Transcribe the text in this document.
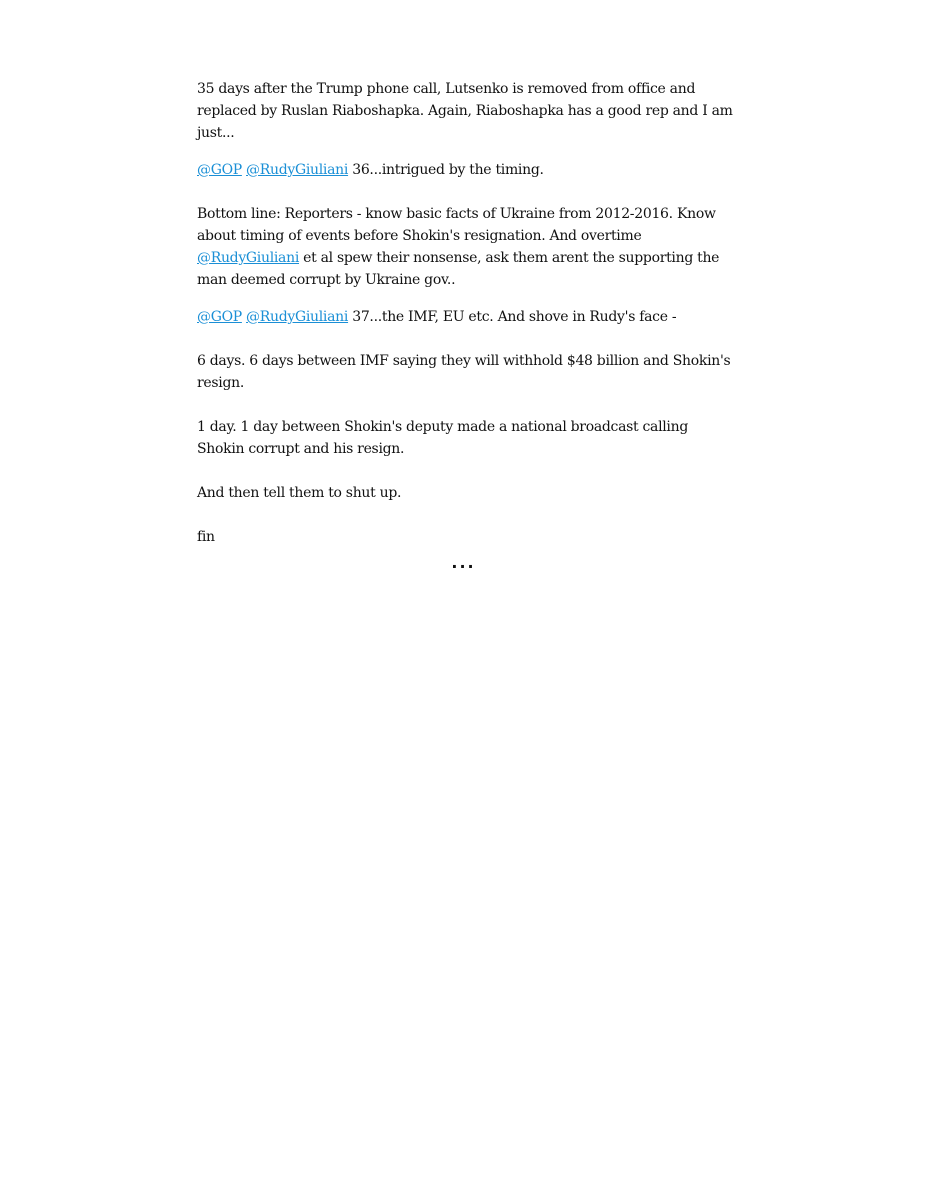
35 days after the Trump phone call, Lutsenko is removed from office and replaced by Ruslan Riaboshapka. Again, Riaboshapka has a good rep and I am just...

@GOP @RudyGiuliani 36...intrigued by the timing.

Bottom line: Reporters - know basic facts of Ukraine from 2012-2016. Know about timing of events before Shokin's resignation. And overtime @RudyGiuliani et al spew their nonsense, ask them arent the supporting the man deemed corrupt by Ukraine gov..

@GOP @RudyGiuliani 37...the IMF, EU etc. And shove in Rudy's face -

6 days. 6 days between IMF saying they will withhold $48 billion and Shokin's resign.

1 day. 1 day between Shokin's deputy made a national broadcast calling Shokin corrupt and his resign.

And then tell them to shut up.

fin

...
